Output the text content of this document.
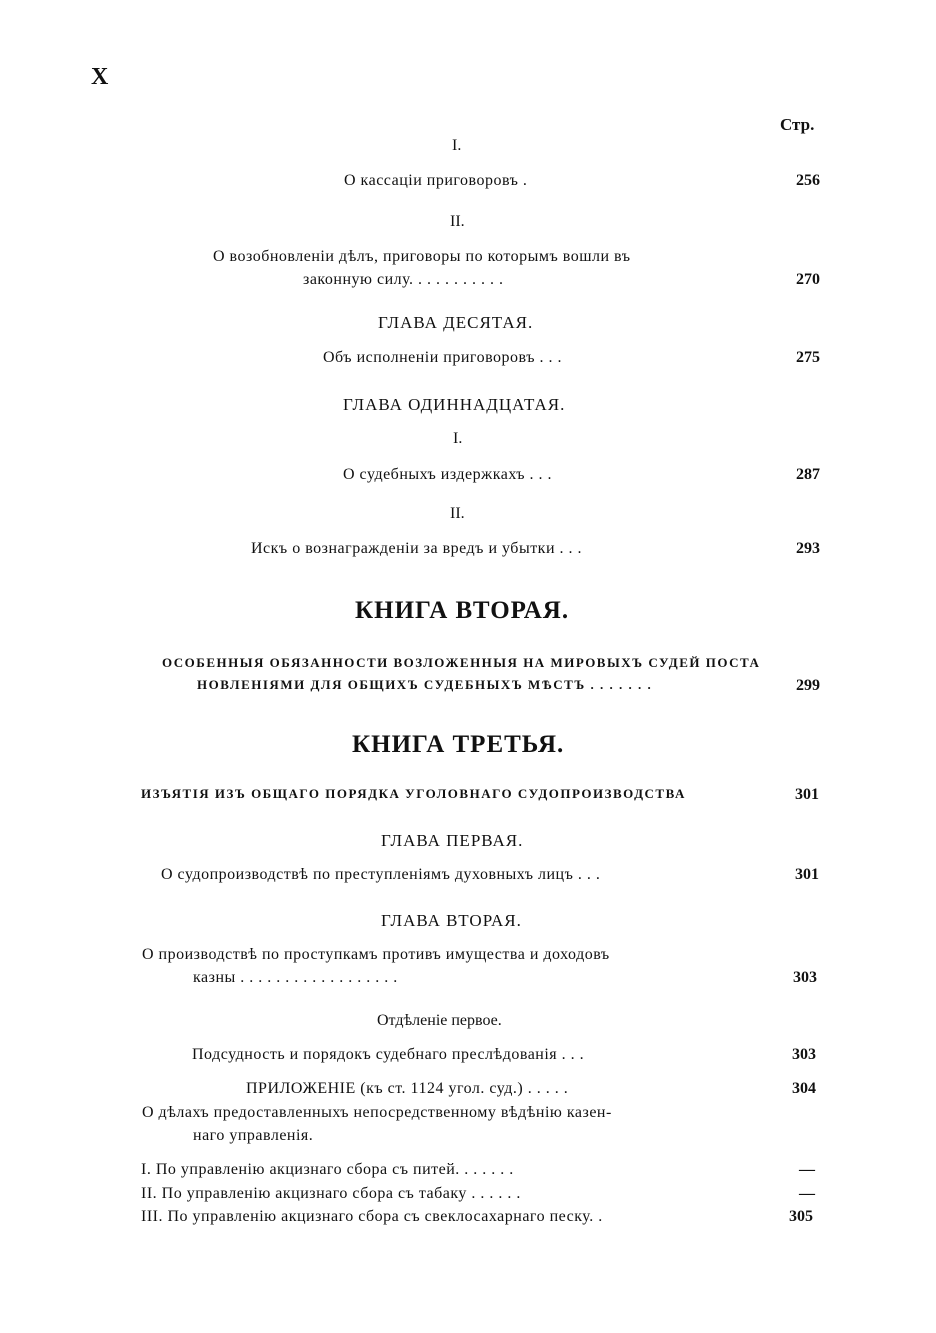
X
Стр.
I.
О кассаціи приговоровъ .	256
II.
О возобновленіи дѣлъ, приговоры по которымъ вошли въ
законную силу. . . . . . . . . . .	270
ГЛАВА ДЕСЯТАЯ.
Объ исполненіи приговоровъ . . .	275
ГЛАВА ОДИННАДЦАТАЯ.
I.
О судебныхъ издержкахъ . . .	287
II.
Искъ о вознагражденіи за вредъ и убытки . . .	293
КНИГА ВТОРАЯ.
ОСОБЕННЫЯ ОБЯЗАННОСТИ ВОЗЛОЖЕННЫЯ НА МИРОВЫХЪ СУДЕЙ ПОСТА
НОВЛЕНІЯМИ ДЛЯ ОБЩИХЪ СУДЕБНЫХЪ МѢСТЪ . . . . . . .	299
КНИГА ТРЕТЬЯ.
ИЗЪЯТІЯ ИЗЪ ОБЩАГО ПОРЯДКА УГОЛОВНАГО СУДОПРОИЗВОДСТВА	301
ГЛАВА ПЕРВАЯ.
О судопроизводствѣ по преступленіямъ духовныхъ лицъ . . .	301
ГЛАВА ВТОРАЯ.
О производствѣ по проступкамъ противъ имущества и доходовъ
казны . . . . . . . . . . . . . . . . . .	303
Отдѣленіе первое.
Подсудность и порядокъ судебнаго преслѣдованія . . .	303
ПРИЛОЖЕНІЕ (къ ст. 1124 угол. суд.) . . . . .	304
О дѣлахъ предоставленныхъ непосредственному вѣдѣнію казен-
наго управленія.
I. По управленію акцизнаго сбора съ питей. . . . . . .	—
II. По управленію акцизнаго сбора съ табаку . . . . . .	—
III. По управленію акцизнаго сбора съ свеклосахарнаго песку. .	305
